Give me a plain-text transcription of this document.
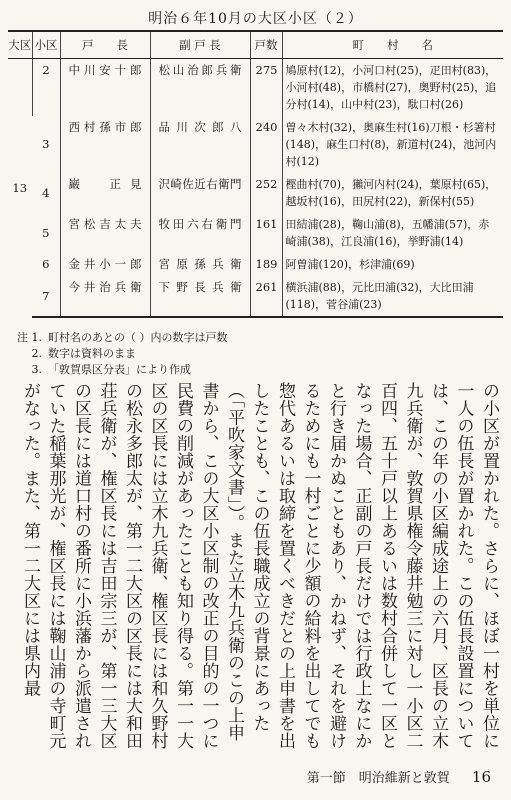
明治６年10月の大区小区（２）
大区	小区	戸　　長	副 戸 長	戸数	町　　村　　名
13	2	中川安十郎	松山治郎兵衛	275	鳩原村(12)，小河口村(25)，疋田村(83)，小河村(48)，市橋村(27)，奥野村(25)，追分村(14)，山中村(23)，駄口村(26)
	3	西村孫市郎	品川次郎八	240	曽々木村(32)，奥麻生村(16)刀根・杉箸村(148)，麻生口村(8)，新道村(24)，池河内村(12)
	4	巌　正見	沢崎佐近右衛門	252	樫曲村(70)，獺河内村(24)，葉原村(65)，越坂村(16)，田尻村(22)，新保村(55)
	5	宮松吉太夫	牧田六右衛門	161	田結浦(28)，鞠山浦(8)，五幡浦(57)，赤崎浦(38)，江良浦(16)，挙野浦(14)
	6	金井小一郎	宮原孫兵衛	189	阿曽浦(120)，杉津浦(69)
	7	今井治兵衛	下野長兵衛	261	横浜浦(88)，元比田浦(32)，大比田浦(118)，菅谷浦(23)
注 1. 町村名のあとの（ ）内の数字は戸数
2. 数字は資料のまま
3. 「敦賀県区分表」により作成

の小区が置かれた。さらに、ほぼ一村を単位に一人の伍長が置かれた。この伍長設置については、この年の小区編成途上の六月、区長の立木九兵衛が、敦賀県権令藤井勉三に対し一小区二百四、五十戸以上あるいは数村合併して一区となった場合、正副の戸長だけでは行政上なにかと行き届かぬこともあり、かねず、それを避けるためにも一村ごとに少額の給料を出してでも惣代あるいは取締を置くべきだとの上申書を出したことも、この伍長職成立の背景にあった（「平吹家文書」）。また立木九兵衛のこの上申書から、この大区小区制の改正の目的の一つに民費の削減があったことも知り得る。第一一大区の区長には立木九兵衛、権区長には和久野村の松永多郎太が、第一二大区の区長には大和田荘兵衛が、権区長には吉田宗三が、第一三大区の区長には道口村の番所に小浜藩から派遣されていた稲葉那光が、権区長には鞠山浦の寺町元がなった。また、第一二大区には県内最

第一節　明治維新と敦賀 16
